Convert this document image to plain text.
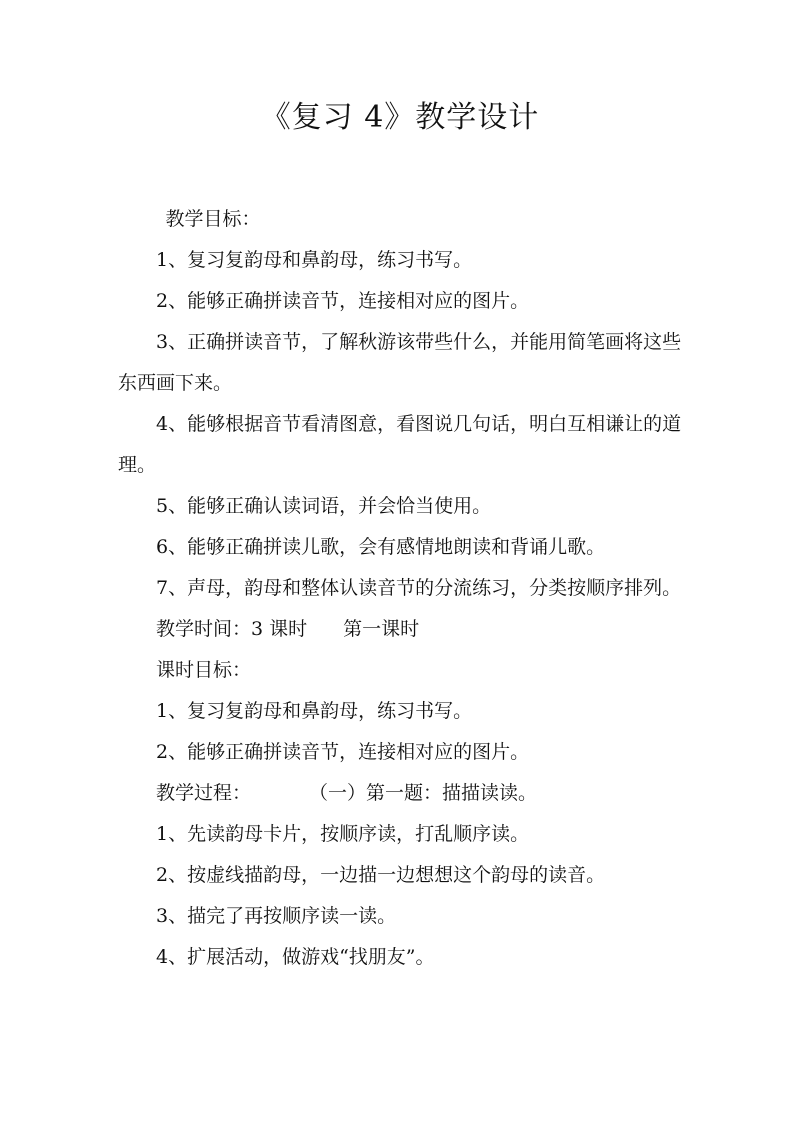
《复习 4》教学设计

教学目标：

1、复习复韵母和鼻韵母，练习书写。

2、能够正确拼读音节，连接相对应的图片。

3、正确拼读音节，了解秋游该带些什么，并能用简笔画将这些东西画下来。

4、能够根据音节看清图意，看图说几句话，明白互相谦让的道理。

5、能够正确认读词语，并会恰当使用。

6、能够正确拼读儿歌，会有感情地朗读和背诵儿歌。

7、声母，韵母和整体认读音节的分流练习，分类按顺序排列。

教学时间：3 课时 第一课时

课时目标：

1、复习复韵母和鼻韵母，练习书写。

2、能够正确拼读音节，连接相对应的图片。

教学过程：	（一）第一题：描描读读。

1、先读韵母卡片，按顺序读，打乱顺序读。

2、按虚线描韵母，一边描一边想想这个韵母的读音。

3、描完了再按顺序读一读。

4、扩展活动，做游戏“找朋友”。
